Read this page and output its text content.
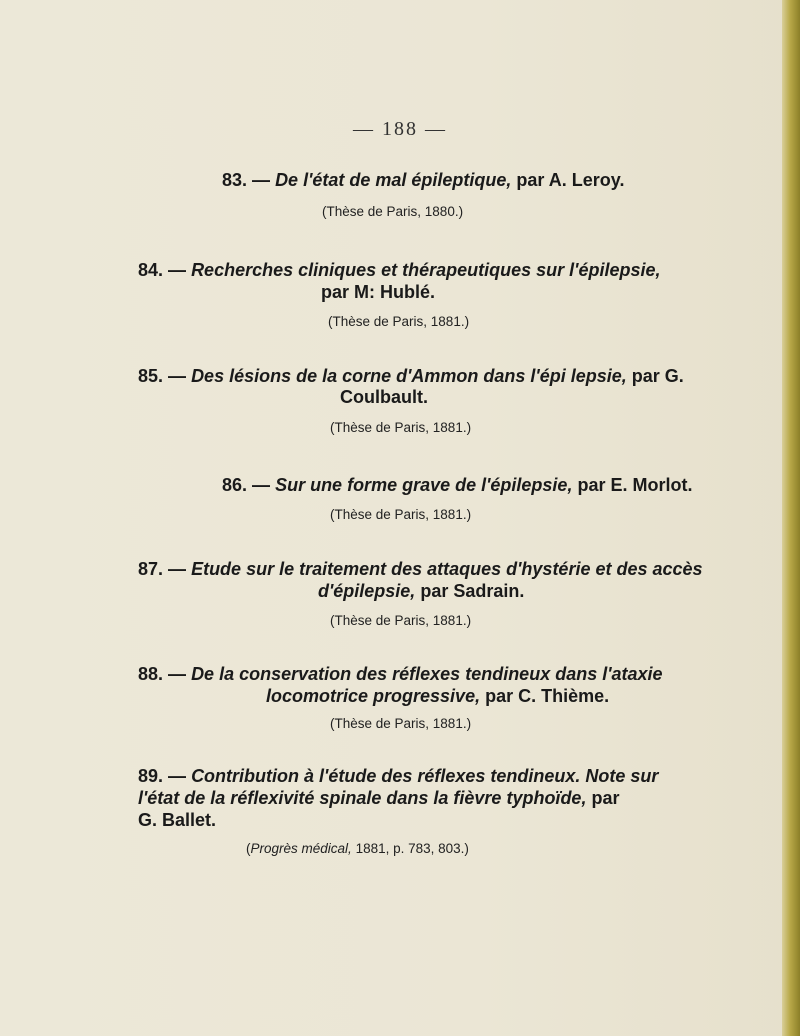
— 188 —
83. — De l'état de mal épileptique, par A. Leroy.
(Thèse de Paris, 1880.)
84. — Recherches cliniques et thérapeutiques sur l'épilepsie,
par M: Hublé.
(Thèse de Paris, 1881.)
85. — Des lésions de la corne d'Ammon dans l'épi lepsie, par G.
Coulbault.
(Thèse de Paris, 1881.)
86. — Sur une forme grave de l'épilepsie, par E. Morlot.
(Thèse de Paris, 1881.)
87. — Etude sur le traitement des attaques d'hystérie et des accès
d'épilepsie, par Sadrain.
(Thèse de Paris, 1881.)
88. — De la conservation des réflexes tendineux dans l'ataxie
locomotrice progressive, par C. Thième.
(Thèse de Paris, 1881.)
89. — Contribution à l'étude des réflexes tendineux. Note sur
l'état de la réflexivité spinale dans la fièvre typhoïde, par
G. Ballet.
(Progrès médical, 1881, p. 783, 803.)
